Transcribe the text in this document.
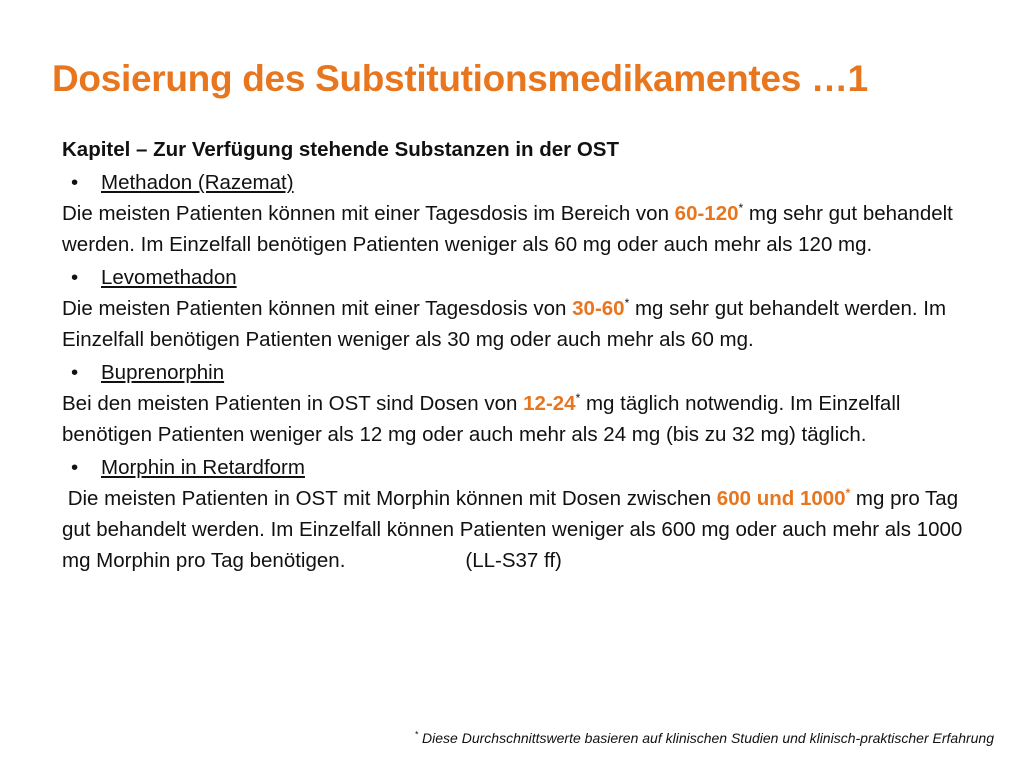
Dosierung des Substitutionsmedikamentes …1
Kapitel – Zur Verfügung stehende Substanzen in der OST
•	Methadon (Razemat)
Die meisten Patienten können mit einer Tagesdosis im Bereich von 60-120* mg sehr gut behandelt werden. Im Einzelfall benötigen Patienten weniger als 60 mg oder auch mehr als 120 mg.
•	Levomethadon
Die meisten Patienten können mit einer Tagesdosis von 30-60* mg sehr gut behandelt werden. Im Einzelfall benötigen Patienten weniger als 30 mg oder auch mehr als 60 mg.
•	Buprenorphin
Bei den meisten Patienten in OST sind Dosen von 12-24* mg täglich notwendig. Im Einzelfall benötigen Patienten weniger als 12 mg oder auch mehr als 24 mg (bis zu 32 mg) täglich.
•	Morphin in Retardform
Die meisten Patienten in OST mit Morphin können mit Dosen zwischen 600 und 1000* mg pro Tag gut behandelt werden. Im Einzelfall können Patienten weniger als 600 mg oder auch mehr als 1000 mg Morphin pro Tag benötigen.	(LL-S37 ff)
* Diese Durchschnittswerte basieren auf klinischen Studien und klinisch-praktischer Erfahrung
